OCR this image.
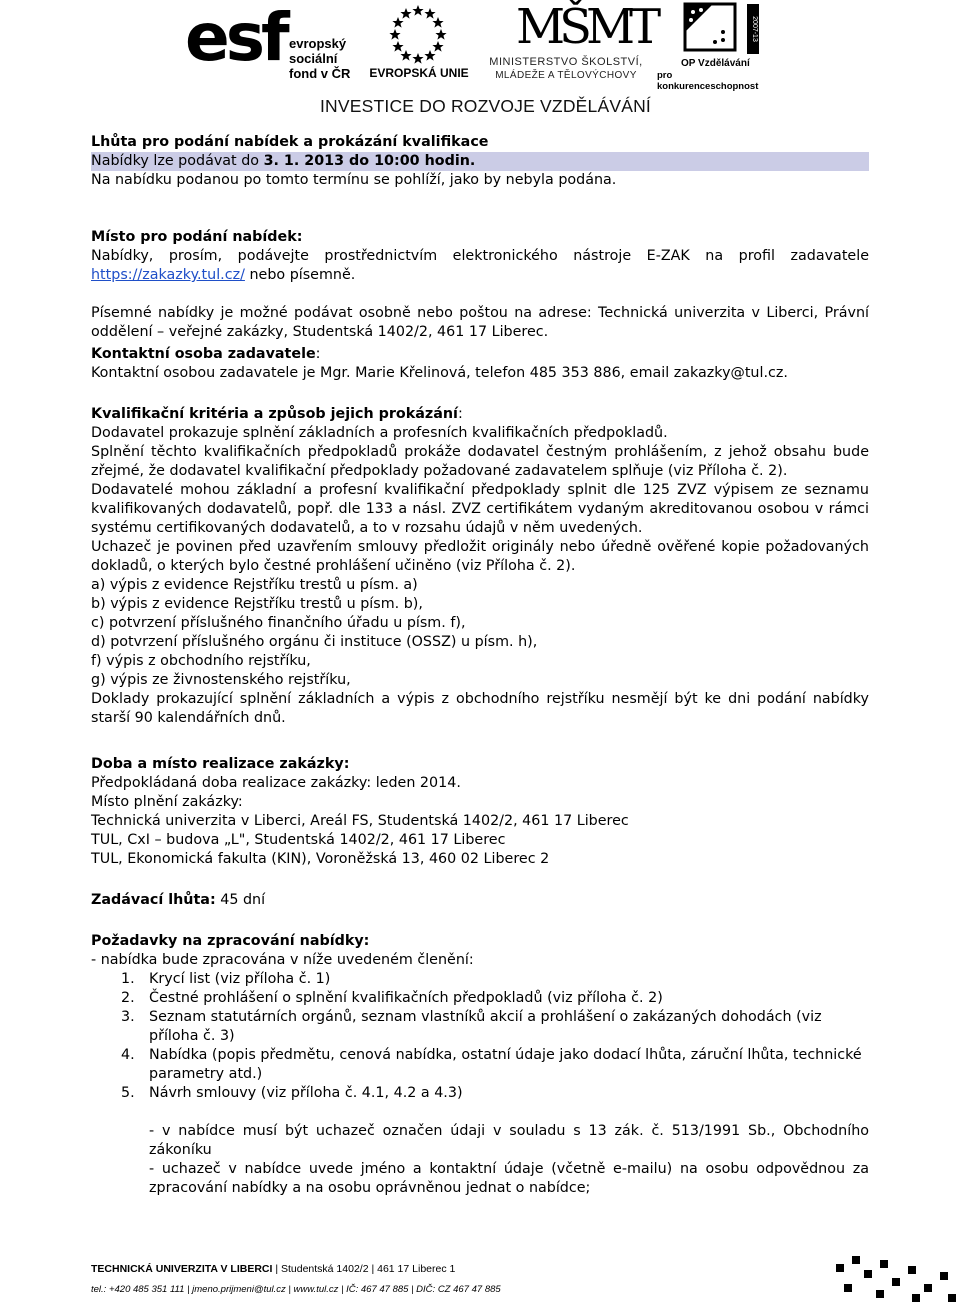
esf evropský
sociální
fond v ČR	EVROPSKÁ UNIE
MŠMT
MINISTERSTVO ŠKOLSTVÍ,
MLÁDEŽE A TĚLOVÝCHOVY
2007-13
OP Vzdělávání
pro konkurenceschopnost
INVESTICE DO ROZVOJE VZDĚLÁVÁNÍ

Lhůta pro podání nabídek a prokázání kvalifikace

Nabídky lze podávat do 3. 1. 2013 do 10:00 hodin.

Na nabídku podanou po tomto termínu se pohlíží, jako by nebyla podána.

Místo pro podání nabídek:

Nabídky, prosím, podávejte prostřednictvím elektronického nástroje E-ZAK na profil zadavatele

https://zakazky.tul.cz/ nebo písemně.

Písemné nabídky je možné podávat osobně nebo poštou na adrese: Technická univerzita v Liberci, Právní oddělení – veřejné zakázky, Studentská 1402/2, 461 17 Liberec.

Kontaktní osoba zadavatele:

Kontaktní osobou zadavatele je Mgr. Marie Křelinová, telefon 485 353 886, email zakazky@tul.cz.

Kvalifikační kritéria a způsob jejich prokázání:

Dodavatel prokazuje splnění základních a profesních kvalifikačních předpokladů.

Splnění těchto kvalifikačních předpokladů prokáže dodavatel čestným prohlášením, z jehož obsahu bude zřejmé, že dodavatel kvalifikační předpoklady požadované zadavatelem splňuje (viz Příloha č. 2).

Dodavatelé mohou základní a profesní kvalifikační předpoklady splnit dle 125 ZVZ výpisem ze seznamu kvalifikovaných dodavatelů, popř. dle 133 a násl. ZVZ certifikátem vydaným akreditovanou osobou v rámci systému certifikovaných dodavatelů, a to v rozsahu údajů v něm uvedených.

Uchazeč je povinen před uzavřením smlouvy předložit originály nebo úředně ověřené kopie požadovaných dokladů, o kterých bylo čestné prohlášení učiněno (viz Příloha č. 2).

a) výpis z evidence Rejstříku trestů u písm. a)

b) výpis z evidence Rejstříku trestů u písm. b),

c) potvrzení příslušného finančního úřadu u písm. f),

d) potvrzení příslušného orgánu či instituce (OSSZ) u písm. h),

f) výpis z obchodního rejstříku,

g) výpis ze živnostenského rejstříku,

Doklady prokazující splnění základních a výpis z obchodního rejstříku nesmějí být ke dni podání nabídky starší 90 kalendářních dnů.

Doba a místo realizace zakázky:

Předpokládaná doba realizace zakázky: leden 2014.

Místo plnění zakázky:

Technická univerzita v Liberci, Areál FS, Studentská 1402/2, 461 17 Liberec

TUL, CxI – budova „L", Studentská 1402/2, 461 17 Liberec

TUL, Ekonomická fakulta (KIN), Voroněžská 13, 460 02 Liberec 2

Zadávací lhůta: 45 dní

Požadavky na zpracování nabídky:

- nabídka bude zpracována v níže uvedeném členění:

1. Krycí list (viz příloha č. 1)
2. Čestné prohlášení o splnění kvalifikačních předpokladů (viz příloha č. 2)
3. Seznam statutárních orgánů, seznam vlastníků akcií a prohlášení o zakázaných dohodách (viz příloha č. 3)
4. Nabídka (popis předmětu, cenová nabídka, ostatní údaje jako dodací lhůta, záruční lhůta, technické parametry atd.)
5. Návrh smlouvy (viz příloha č. 4.1, 4.2 a 4.3)

- v nabídce musí být uchazeč označen údaji v souladu s 13 zák. č. 513/1991 Sb., Obchodního zákoníku

- uchazeč v nabídce uvede jméno a kontaktní údaje (včetně e-mailu) na osobu odpovědnou za zpracování nabídky a na osobu oprávněnou jednat o nabídce;

TECHNICKÁ UNIVERZITA V LIBERCI | Studentská 1402/2 | 461 17 Liberec 1
tel.: +420 485 351 111 | jmeno.prijmeni@tul.cz | www.tul.cz | IČ: 467 47 885 | DIČ: CZ 467 47 885
